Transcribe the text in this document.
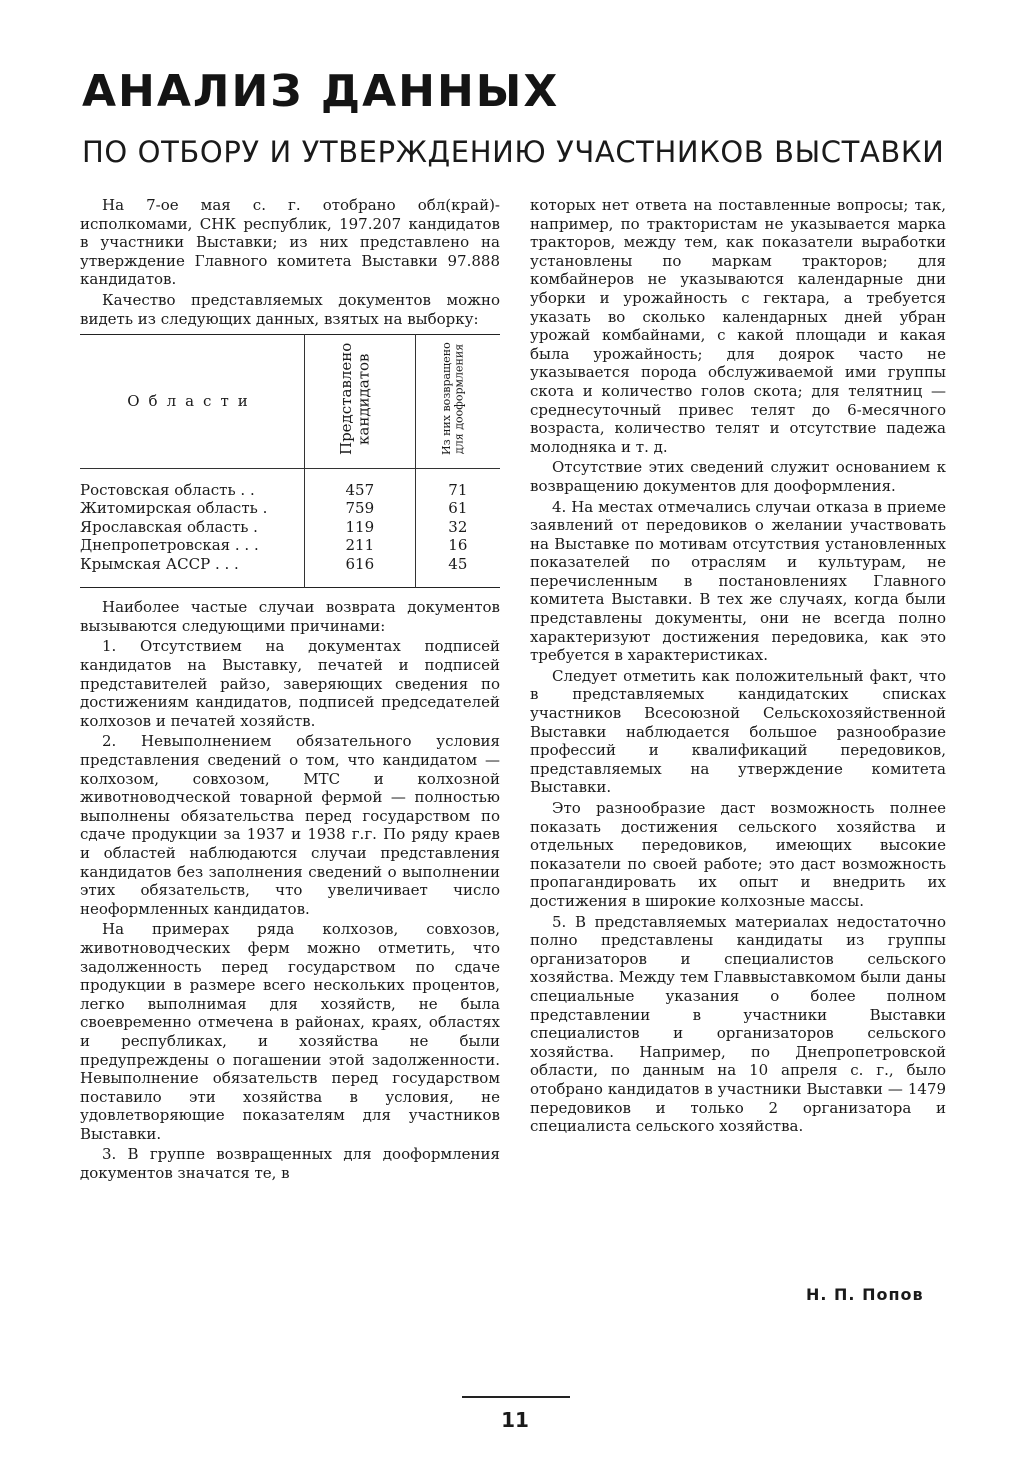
АНАЛИЗ ДАННЫХ
ПО ОТБОРУ И УТВЕРЖДЕНИЮ УЧАСТНИКОВ ВЫСТАВКИ

На 7-ое мая с. г. отобрано обл(край)-исполкомами, СНК республик, 197.207 кандидатов в участники Выставки; из них представлено на утверждение Главного комитета Выставки 97.888 кандидатов.

Качество представляемых документов можно видеть из следующих данных, взятых на выборку:

Области	Представлено кандидатов	Из них возвращено для дооформления
Ростовская область . .	457	71
Житомирская область .	759	61
Ярославская область .	119	32
Днепропетровская . . .	211	16
Крымская АССР . . .	616	45

Наиболее частые случаи возврата документов вызываются следующими причинами:

1. Отсутствием на документах подписей кандидатов на Выставку, печатей и подписей представителей райзо, заверяющих сведения по достижениям кандидатов, подписей председателей колхозов и печатей хозяйств.

2. Невыполнением обязательного условия представления сведений о том, что кандидатом — колхозом, совхозом, МТС и колхозной животноводческой товарной фермой — полностью выполнены обязательства перед государством по сдаче продукции за 1937 и 1938 г.г. По ряду краев и областей наблюдаются случаи представления кандидатов без заполнения сведений о выполнении этих обязательств, что увеличивает число неоформленных кандидатов.

На примерах ряда колхозов, совхозов, животноводческих ферм можно отметить, что задолженность перед государством по сдаче продукции в размере всего нескольких процентов, легко выполнимая для хозяйств, не была своевременно отмечена в районах, краях, областях и республиках, и хозяйства не были предупреждены о погашении этой задолженности. Невыполнение обязательств перед государством поставило эти хозяйства в условия, не удовлетворяющие показателям для участников Выставки.

3. В группе возвращенных для дооформления документов значатся те, в

которых нет ответа на поставленные вопросы; так, например, по трактористам не указывается марка тракторов, между тем, как показатели выработки установлены по маркам тракторов; для комбайнеров не указываются календарные дни уборки и урожайность с гектара, а требуется указать во сколько календарных дней убран урожай комбайнами, с какой площади и какая была урожайность; для доярок часто не указывается порода обслуживаемой ими группы скота и количество голов скота; для телятниц — среднесуточный привес телят до 6-месячного возраста, количество телят и отсутствие падежа молодняка и т. д.

Отсутствие этих сведений служит основанием к возвращению документов для дооформления.

4. На местах отмечались случаи отказа в приеме заявлений от передовиков о желании участвовать на Выставке по мотивам отсутствия установленных показателей по отраслям и культурам, не перечисленным в постановлениях Главного комитета Выставки. В тех же случаях, когда были представлены документы, они не всегда полно характеризуют достижения передовика, как это требуется в характеристиках.

Следует отметить как положительный факт, что в представляемых кандидатских списках участников Всесоюзной Сельскохозяйственной Выставки наблюдается большое разнообразие профессий и квалификаций передовиков, представляемых на утверждение комитета Выставки.

Это разнообразие даст возможность полнее показать достижения сельского хозяйства и отдельных передовиков, имеющих высокие показатели по своей работе; это даст возможность пропагандировать их опыт и внедрить их достижения в широкие колхозные массы.

5. В представляемых материалах недостаточно полно представлены кандидаты из группы организаторов и специалистов сельского хозяйства. Между тем Главвыставкомом были даны специальные указания о более полном представлении в участники Выставки специалистов и организаторов сельского хозяйства. Например, по Днепропетровской области, по данным на 10 апреля с. г., было отобрано кандидатов в участники Выставки — 1479 передовиков и только 2 организатора и специалиста сельского хозяйства.

Н. П. Попов
11
